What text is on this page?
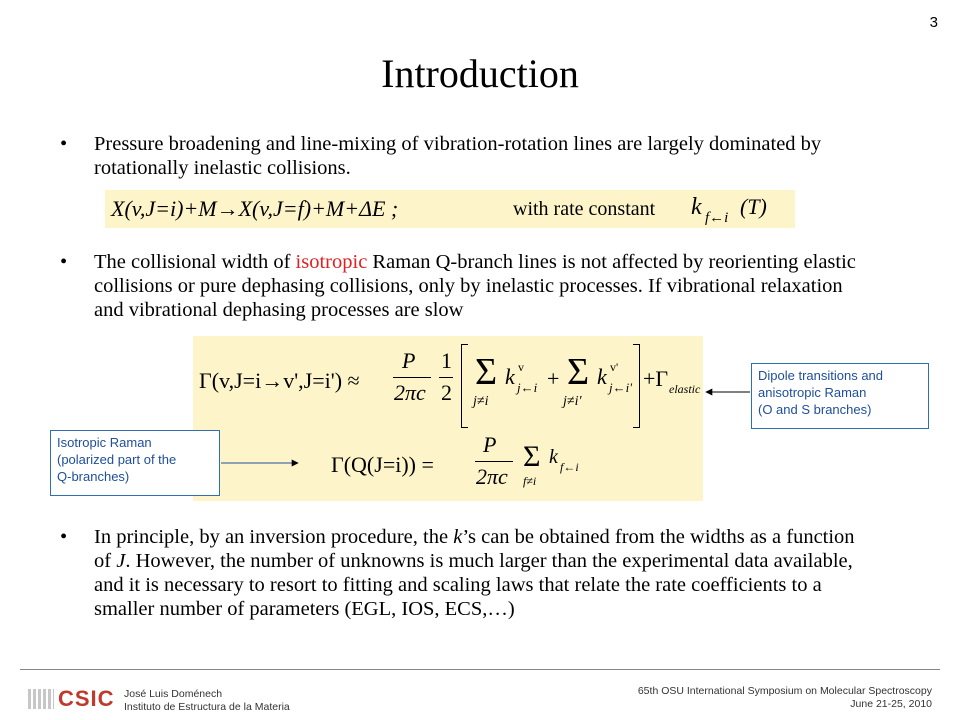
3
Introduction
• Pressure broadening and line-mixing of vibration-rotation lines are largely dominated by rotationally inelastic collisions.
X(v,J=i)+M→X(v,J=f)+M+ΔE ;	with rate constant k f←i (T)
• The collisional width of isotropic Raman Q-branch lines is not affected by reorienting elastic collisions or pure dephasing collisions, only by inelastic processes. If vibrational relaxation and vibrational dephasing processes are slow
Γ(v,J=i→v',J=i') ≈
P
2πc
1
2 Σ
j≠i
k v
j←i + Σ
j≠i'
k v'
j←i' +Γ elastic
Γ(Q(J=i)) =
P
2πc
Σ
f≠i
k f←i
Dipole transitions and
anisotropic Raman
(O and S branches)
Isotropic Raman
(polarized part of the
Q-branches)
• In principle, by an inversion procedure, the k’s can be obtained from the widths as a function of J. However, the number of unknowns is much larger than the experimental data available, and it is necessary to resort to fitting and scaling laws that relate the rate coefficients to a smaller number of parameters (EGL, IOS, ECS,…)
CSIC José Luis Doménech
Instituto de Estructura de la Materia
65th OSU International Symposium on Molecular Spectroscopy
June 21-25, 2010
